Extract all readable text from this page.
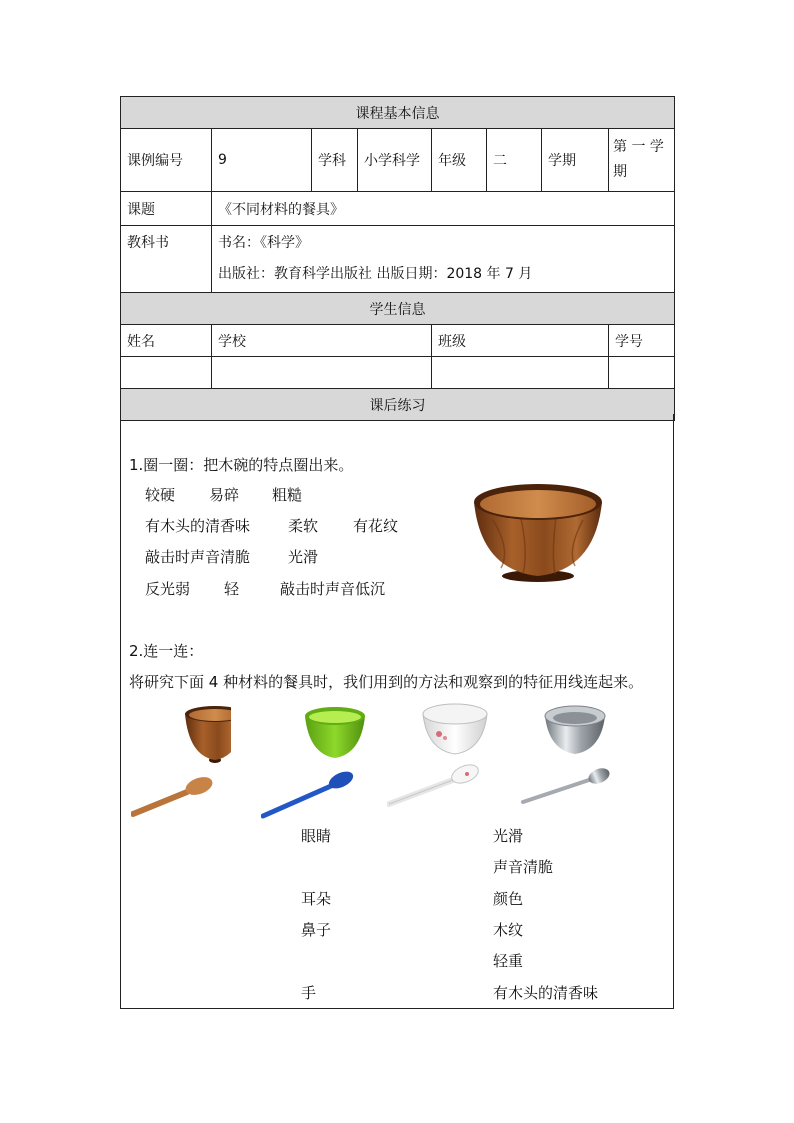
课程基本信息							
课例编号	9	学科	小学科学	年级	二	学期	第 一 学 期
课题	《不同材料的餐具》						
教科书	书名：《科学》
出版社：教育科学出版社 出版日期：2018 年 7 月						

学生信息							
姓名	学校			班级			学号

课后练习							
1.圈一圈：把木碗的特点圈出来。
较硬 易碎 粗糙
有木头的清香味	柔软 有花纹
敲击时声音清脆	光滑
反光弱 轻	敲击时声音低沉
2.连一连：
将研究下面 4 种材料的餐具时，我们用到的方法和观察到的特征用线连起来。
眼睛
耳朵
鼻子
手
光滑
声音清脆
颜色
木纹
轻重
有木头的清香味
